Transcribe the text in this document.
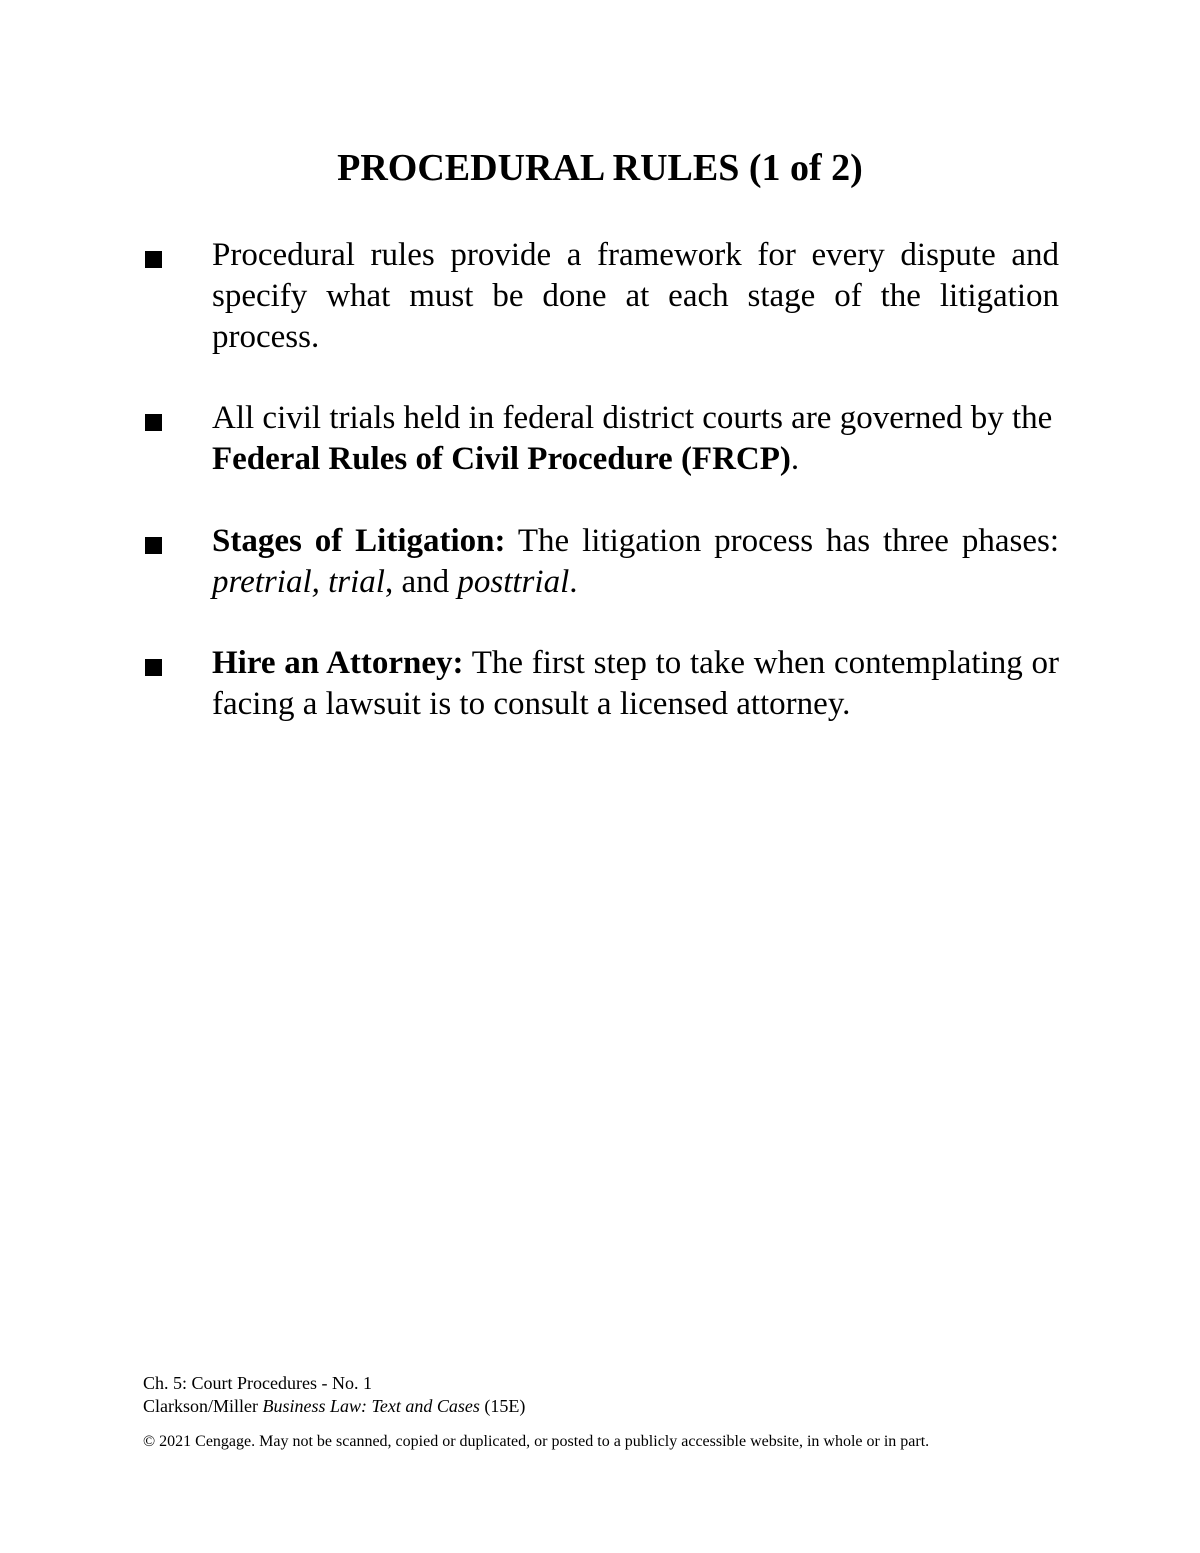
PROCEDURAL RULES (1 of 2)
Procedural rules provide a framework for every dispute and specify what must be done at each stage of the litigation process.
All civil trials held in federal district courts are governed by the Federal Rules of Civil Procedure (FRCP).
Stages of Litigation: The litigation process has three phases: pretrial, trial, and posttrial.
Hire an Attorney: The first step to take when contemplating or facing a lawsuit is to consult a licensed attorney.
Ch. 5: Court Procedures - No. 1
Clarkson/Miller Business Law: Text and Cases (15E)
© 2021 Cengage. May not be scanned, copied or duplicated, or posted to a publicly accessible website, in whole or in part.
